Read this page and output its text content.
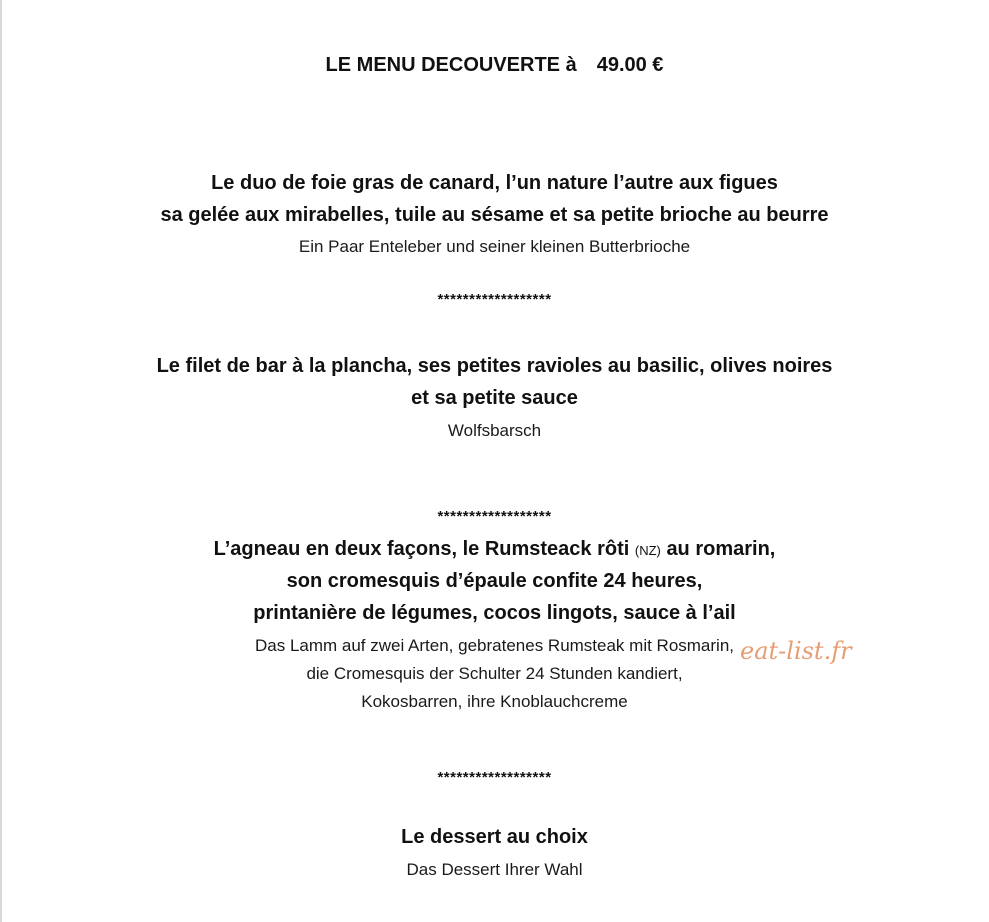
LE MENU DECOUVERTE à 49.00 €
Le duo de foie gras de canard, l’un nature l’autre aux figues
sa gelée aux mirabelles, tuile au sésame et sa petite brioche au beurre
Ein Paar Enteleber und seiner kleinen Butterbrioche
******************
Le filet de bar à la plancha, ses petites ravioles au basilic, olives noires
et sa petite sauce
Wolfsbarsch
******************
L’agneau en deux façons, le Rumsteack rôti (NZ) au romarin,
son cromesquis d’épaule confite 24 heures,
printanière de légumes, cocos lingots, sauce à l’ail
Das Lamm auf zwei Arten, gebratenes Rumsteak mit Rosmarin,
die Cromesquis der Schulter 24 Stunden kandiert,
Kokosbarren, ihre Knoblauchcreme
******************
Le dessert au choix
Das Dessert Ihrer Wahl
eat-list.fr
